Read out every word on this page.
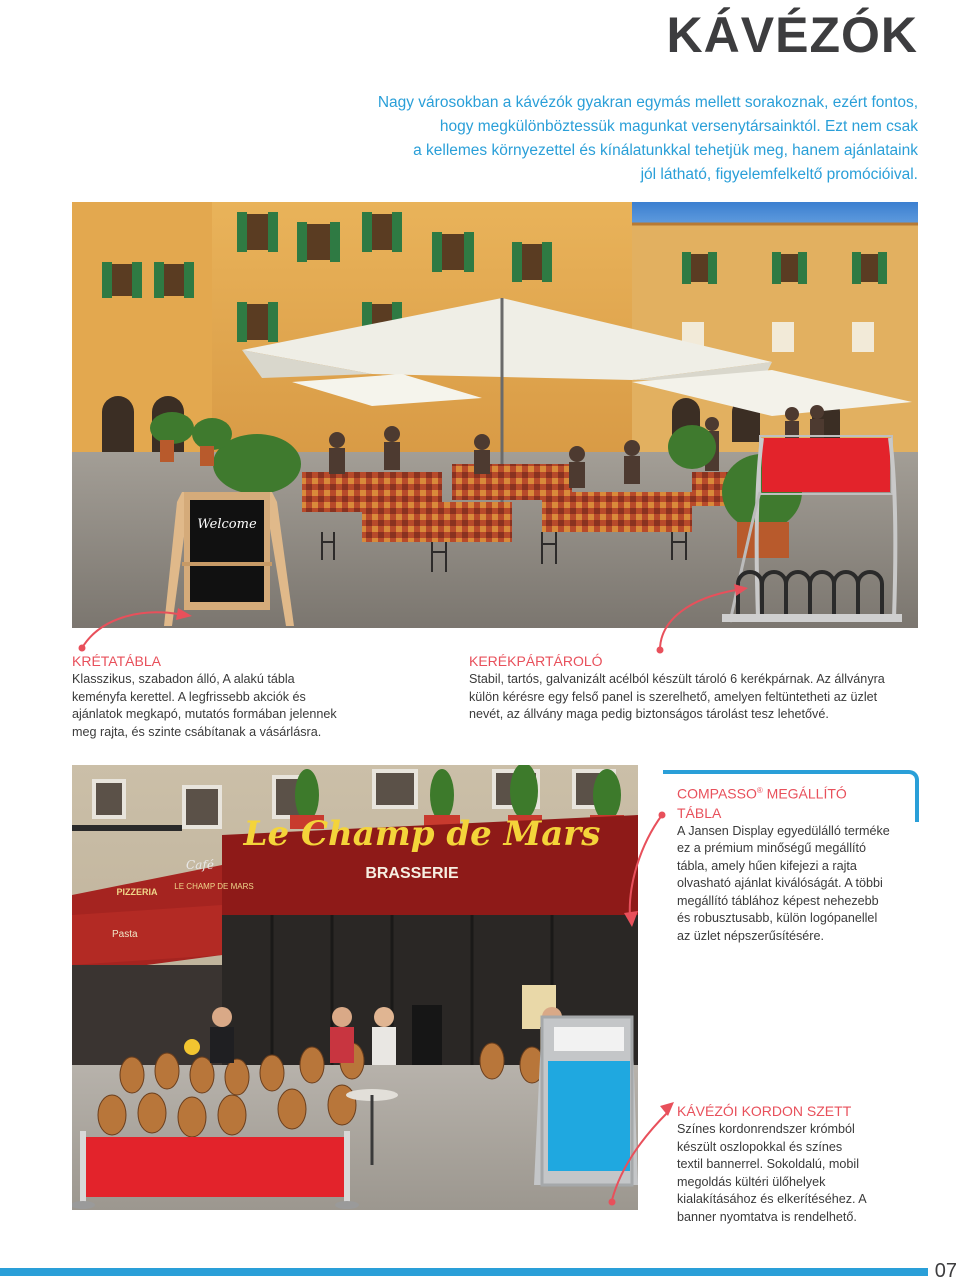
KÁVÉZÓK
Nagy városokban a kávézók gyakran egymás mellett sorakoznak, ezért fontos,
hogy megkülönböztessük magunkat versenytársainktól. Ezt nem csak
a kellemes környezettel és kínálatunkkal tehetjük meg, hanem ajánlataink
jól látható, figyelemfelkeltő promócióival.
Welcome
KRÉTATÁBLA
Klasszikus, szabadon álló, A alakú tábla
keményfa kerettel. A legfrissebb akciók és
ajánlatok megkapó, mutatós formában jelennek
meg rajta, és szinte csábítanak a vásárlásra.
KERÉKPÁRTÁROLÓ
Stabil, tartós, galvanizált acélból készült tároló 6 kerékpárnak. Az állványra
külön kérésre egy felső panel is szerelhető, amelyen feltüntetheti az üzlet
nevét, az állvány maga pedig biztonságos tárolást tesz lehetővé.
Le Champ de Mars
BRASSERIE
Café
PIZZERIA
LE CHAMP DE MARS
Pasta
COMPASSO® MEGÁLLÍTÓ
TÁBLA
A Jansen Display egyedülálló terméke
ez a prémium minőségű megállító
tábla, amely hűen kifejezi a rajta
olvasható ajánlat kiválóságát. A többi
megállító táblához képest nehezebb
és robusztusabb, külön logópanellel
az üzlet népszerűsítésére.
KÁVÉZÓI KORDON SZETT
Színes kordonrendszer krómból
készült oszlopokkal és színes
textil bannerrel. Sokoldalú, mobil
megoldás kültéri ülőhelyek
kialakításához és elkerítéséhez. A
banner nyomtatva is rendelhető.
07
